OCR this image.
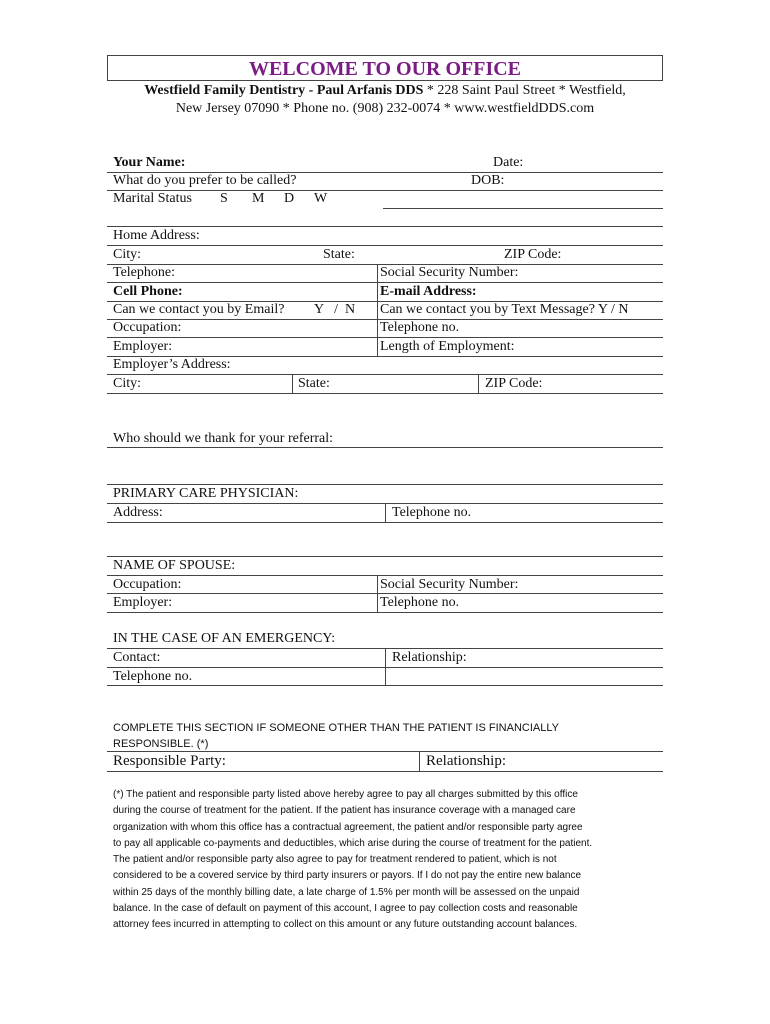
WELCOME TO OUR OFFICE
Westfield Family Dentistry - Paul Arfanis DDS * 228 Saint Paul Street * Westfield,
New Jersey 07090 * Phone no. (908) 232-0074 * www.westfieldDDS.com
Your Name:	Date:
What do you prefer to be called?	DOB:
Marital Status S M D W
Home Address:
City:	State:	ZIP Code:
Telephone:	Social Security Number:
Cell Phone:	E-mail Address:
Can we contact you by Email? Y   /  N Can we contact you by Text Message? Y / N
Occupation:	Telephone no.
Employer:	Length of Employment:
Employer’s Address:
City:	State:	ZIP Code:
Who should we thank for your referral:
PRIMARY CARE PHYSICIAN:
Address:	Telephone no.
NAME OF SPOUSE:
Occupation:	Social Security Number:
Employer:	Telephone no.
IN THE CASE OF AN EMERGENCY:
Contact:	Relationship:
Telephone no.
COMPLETE THIS SECTION IF SOMEONE OTHER THAN THE PATIENT IS FINANCIALLY
RESPONSIBLE. (*)
Responsible Party:	Relationship:
(*) The patient and responsible party listed above hereby agree to pay all charges submitted by this office
during the course of treatment for the patient. If the patient has insurance coverage with a managed care
organization with whom this office has a contractual agreement, the patient and/or responsible party agree
to pay all applicable co-payments and deductibles, which arise during the course of treatment for the patient.
The patient and/or responsible party also agree to pay for treatment rendered to patient, which is not
considered to be a covered service by third party insurers or payors. If I do not pay the entire new balance
within 25 days of the monthly billing date, a late charge of 1.5% per month will be assessed on the unpaid
balance. In the case of default on payment of this account, I agree to pay collection costs and reasonable
attorney fees incurred in attempting to collect on this amount or any future outstanding account balances.
